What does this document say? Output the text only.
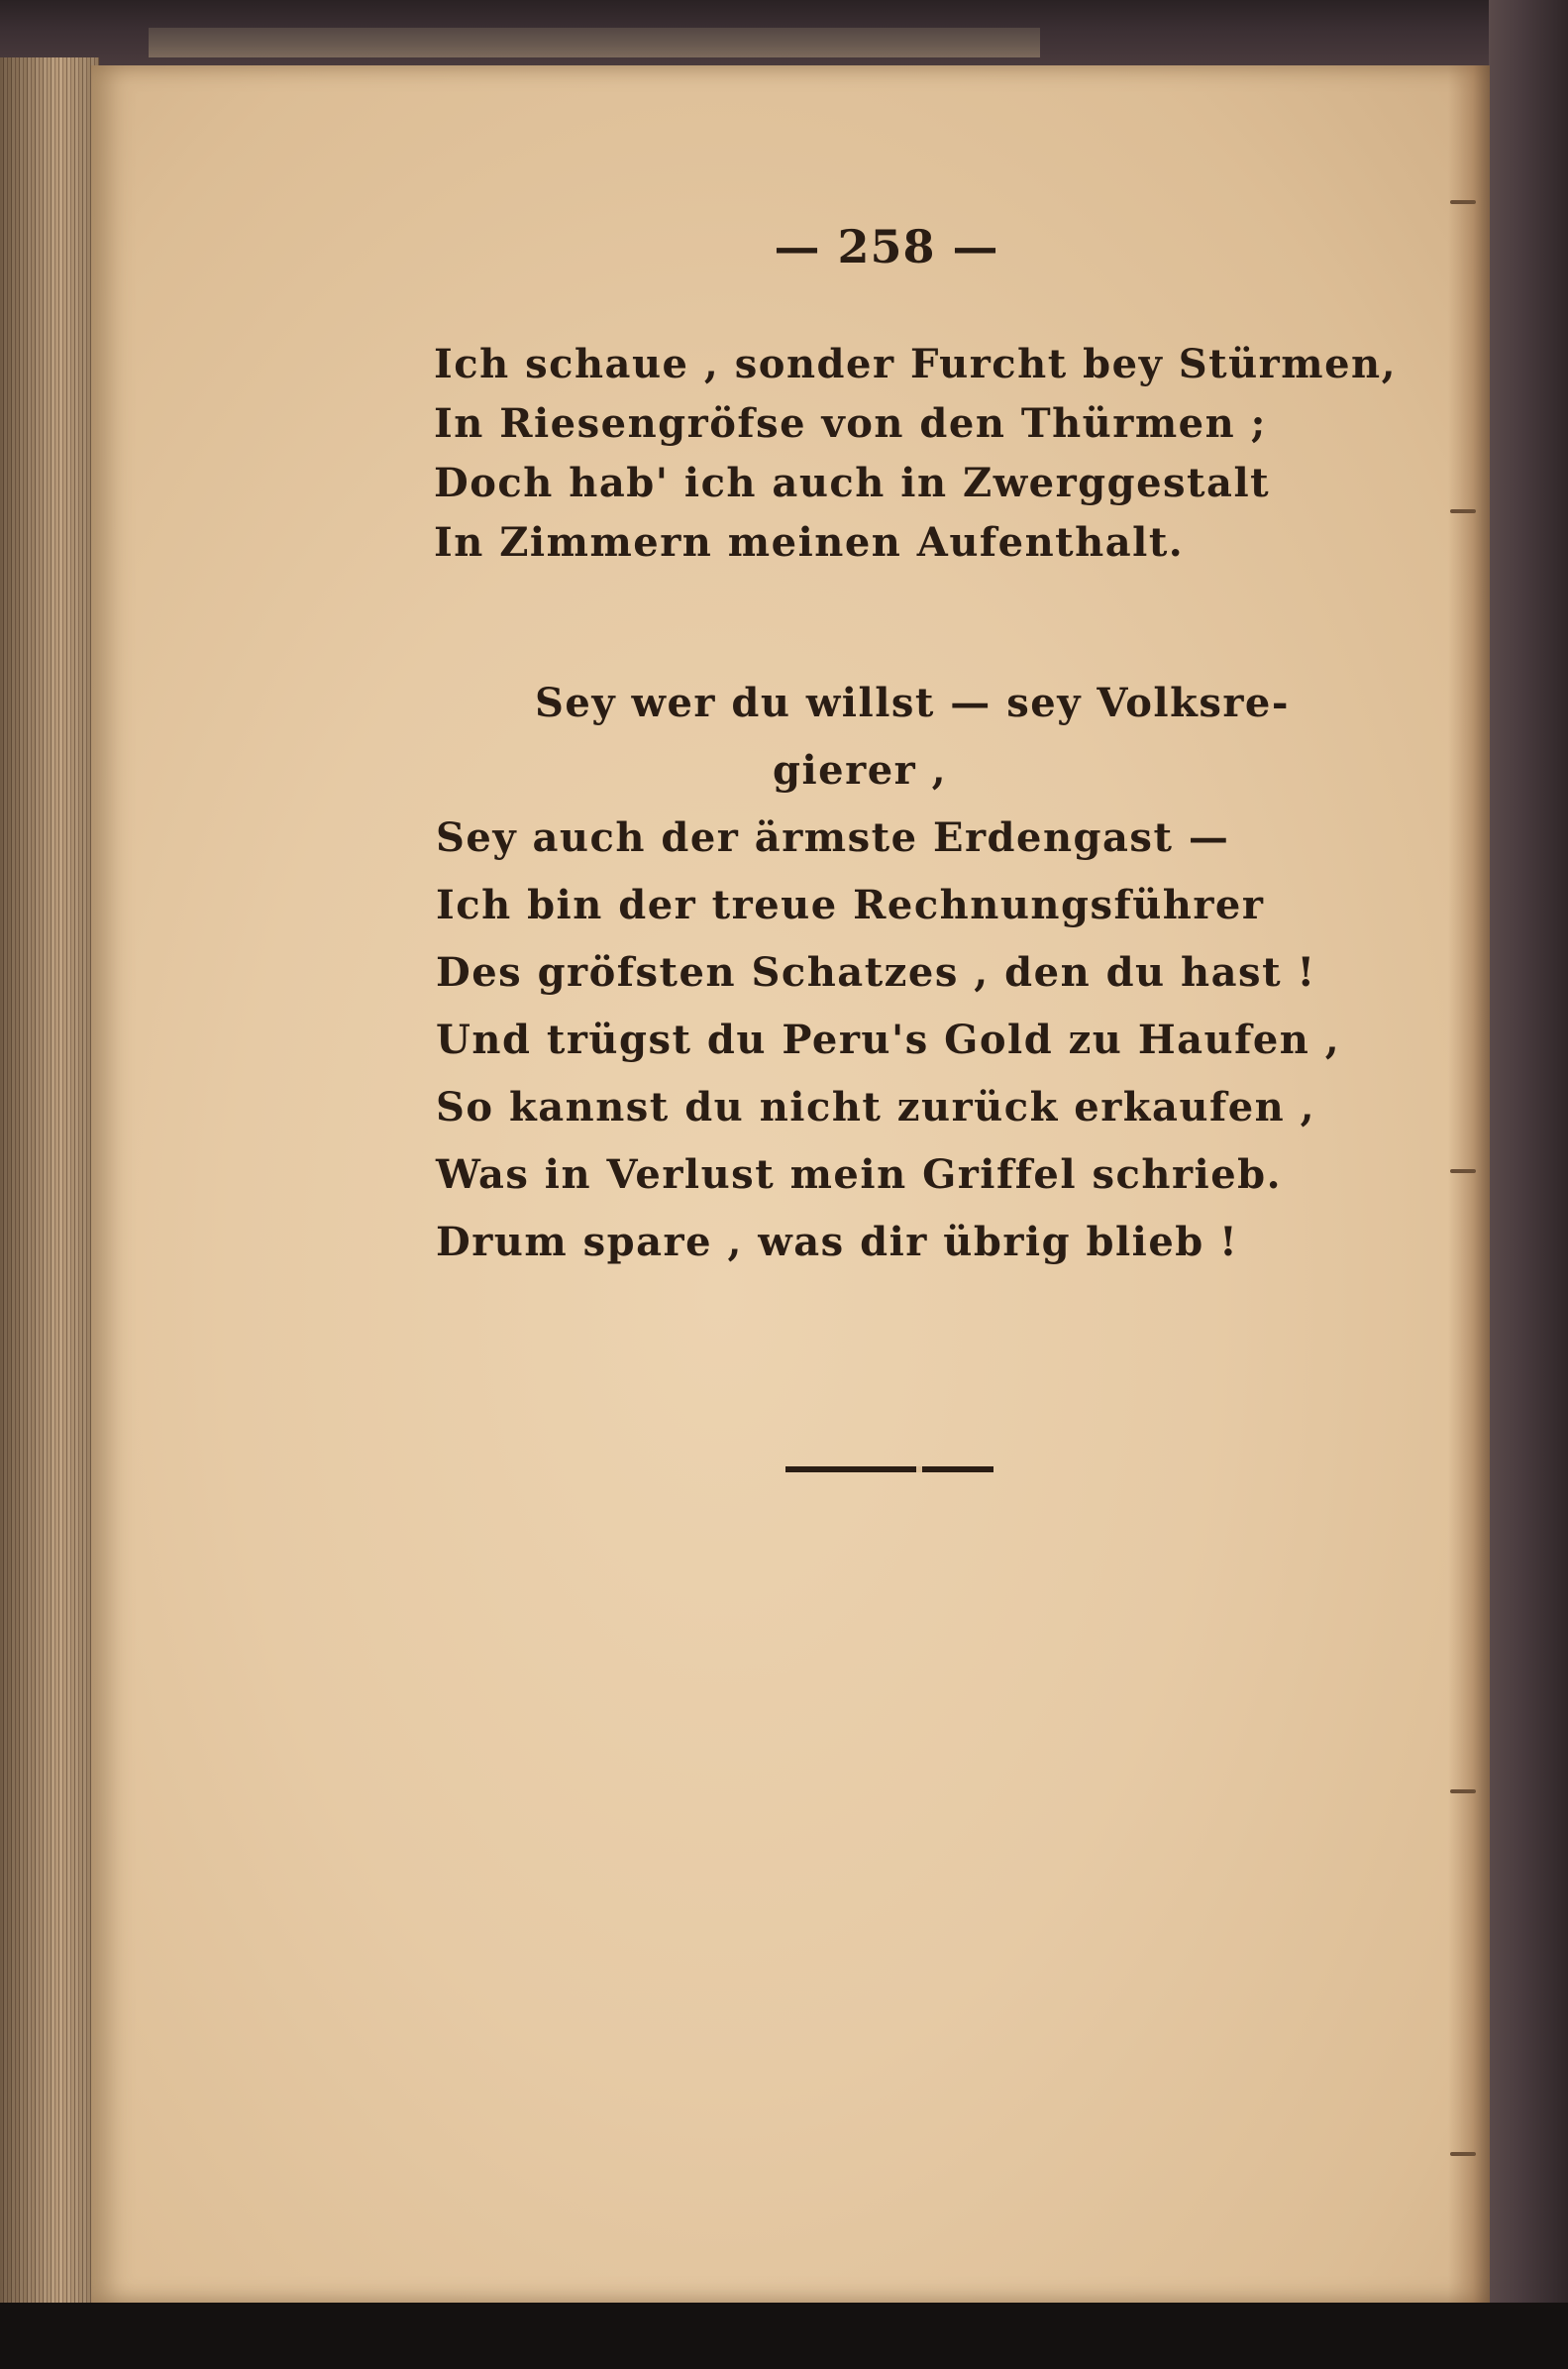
— 258 —
Ich schaue , sonder Furcht bey Stürmen,
In Riesengröfse von den Thürmen ;
Doch hab' ich auch in Zwerggestalt
In Zimmern meinen Aufenthalt.
Sey wer du willst — sey Volksre-
gierer ,
Sey auch der ärmste Erdengast —
Ich bin der treue Rechnungsführer
Des gröfsten Schatzes , den du hast !
Und trügst du Peru's Gold zu Haufen ,
So kannst du nicht zurück erkaufen ,
Was in Verlust mein Griffel schrieb.
Drum spare , was dir übrig blieb !
